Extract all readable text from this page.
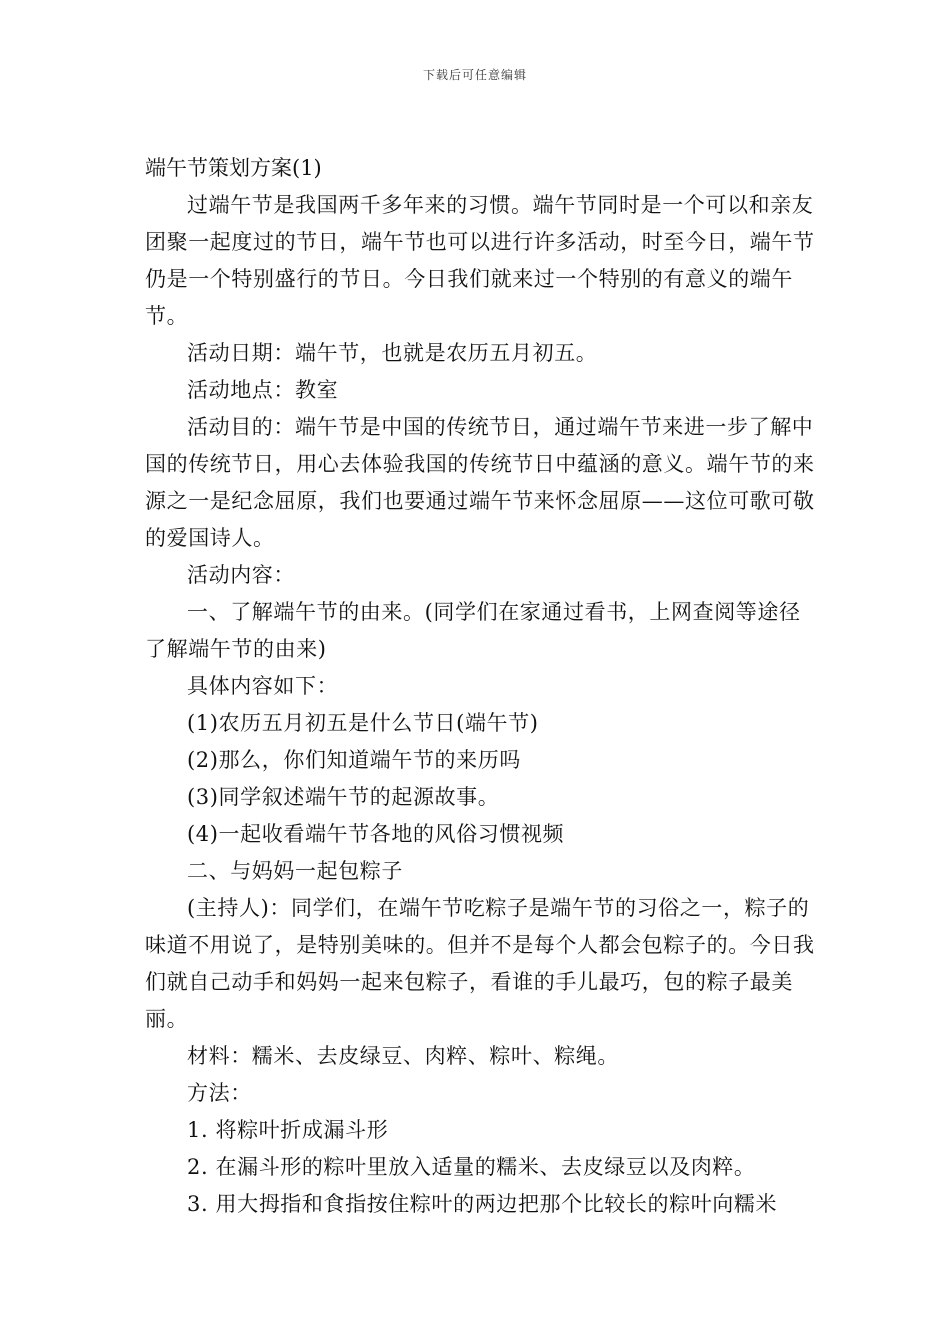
下载后可任意编辑

端午节策划方案(1)

过端午节是我国两千多年来的习惯。端午节同时是一个可以和亲友团聚一起度过的节日，端午节也可以进行许多活动，时至今日，端午节仍是一个特别盛行的节日。今日我们就来过一个特别的有意义的端午节。

活动日期：端午节，也就是农历五月初五。

活动地点：教室

活动目的：端午节是中国的传统节日，通过端午节来进一步了解中国的传统节日，用心去体验我国的传统节日中蕴涵的意义。端午节的来源之一是纪念屈原，我们也要通过端午节来怀念屈原——这位可歌可敬的爱国诗人。

活动内容：

一、了解端午节的由来。(同学们在家通过看书，上网查阅等途径了解端午节的由来)

具体内容如下：

(1)农历五月初五是什么节日(端午节)

(2)那么，你们知道端午节的来历吗

(3)同学叙述端午节的起源故事。

(4)一起收看端午节各地的风俗习惯视频

二、与妈妈一起包粽子

(主持人)：同学们，在端午节吃粽子是端午节的习俗之一，粽子的味道不用说了，是特别美味的。但并不是每个人都会包粽子的。今日我们就自己动手和妈妈一起来包粽子，看谁的手儿最巧，包的粽子最美丽。

材料：糯米、去皮绿豆、肉粹、粽叶、粽绳。

方法：

1. 将粽叶折成漏斗形

2. 在漏斗形的粽叶里放入适量的糯米、去皮绿豆以及肉粹。

3. 用大拇指和食指按住粽叶的两边把那个比较长的粽叶向糯米
